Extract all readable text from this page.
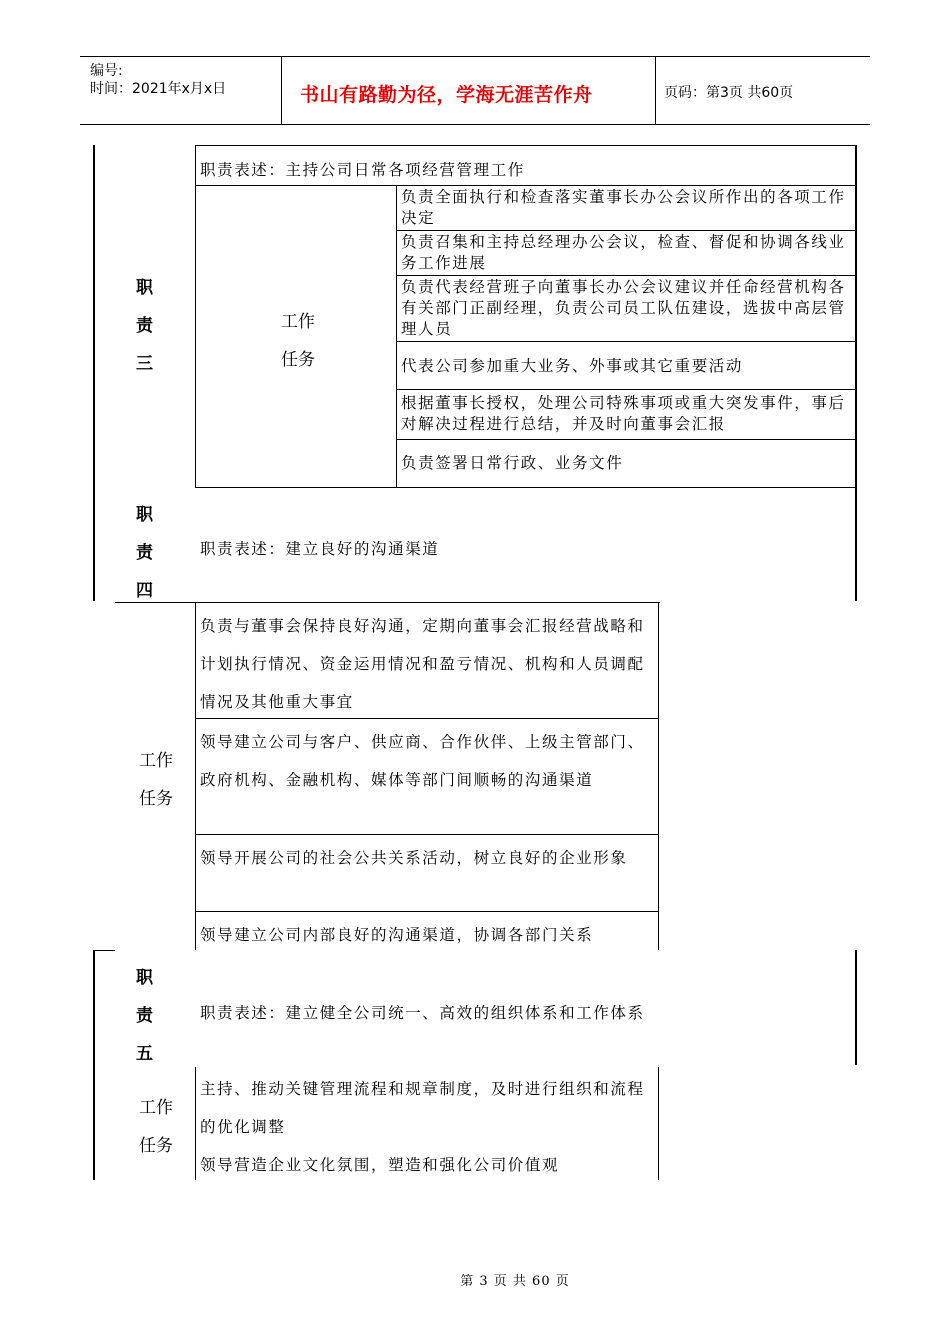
编号:
时间：2021年x月x日	书山有路勤为径，学海无涯苦作舟	页码：第3页 共60页
职
责
三
职责表述：主持公司日常各项经营管理工作
工作
任务
负责全面执行和检查落实董事长办公会议所作出的各项工作决定
负责召集和主持总经理办公会议，检查、督促和协调各线业务工作进展
负责代表经营班子向董事长办公会议建议并任命经营机构各有关部门正副经理，负责公司员工队伍建设，选拔中高层管理人员
代表公司参加重大业务、外事或其它重要活动
根据董事长授权，处理公司特殊事项或重大突发事件，事后对解决过程进行总结，并及时向董事会汇报
负责签署日常行政、业务文件
职
责
四
职责表述：建立良好的沟通渠道
工作
任务
负责与董事会保持良好沟通，定期向董事会汇报经营战略和计划执行情况、资金运用情况和盈亏情况、机构和人员调配情况及其他重大事宜
领导建立公司与客户、供应商、合作伙伴、上级主管部门、政府机构、金融机构、媒体等部门间顺畅的沟通渠道
领导开展公司的社会公共关系活动，树立良好的企业形象
领导建立公司内部良好的沟通渠道，协调各部门关系
职
责
五
职责表述：建立健全公司统一、高效的组织体系和工作体系
工作
任务
主持、推动关键管理流程和规章制度，及时进行组织和流程的优化调整
领导营造企业文化氛围，塑造和强化公司价值观
第 3 页 共 60 页
